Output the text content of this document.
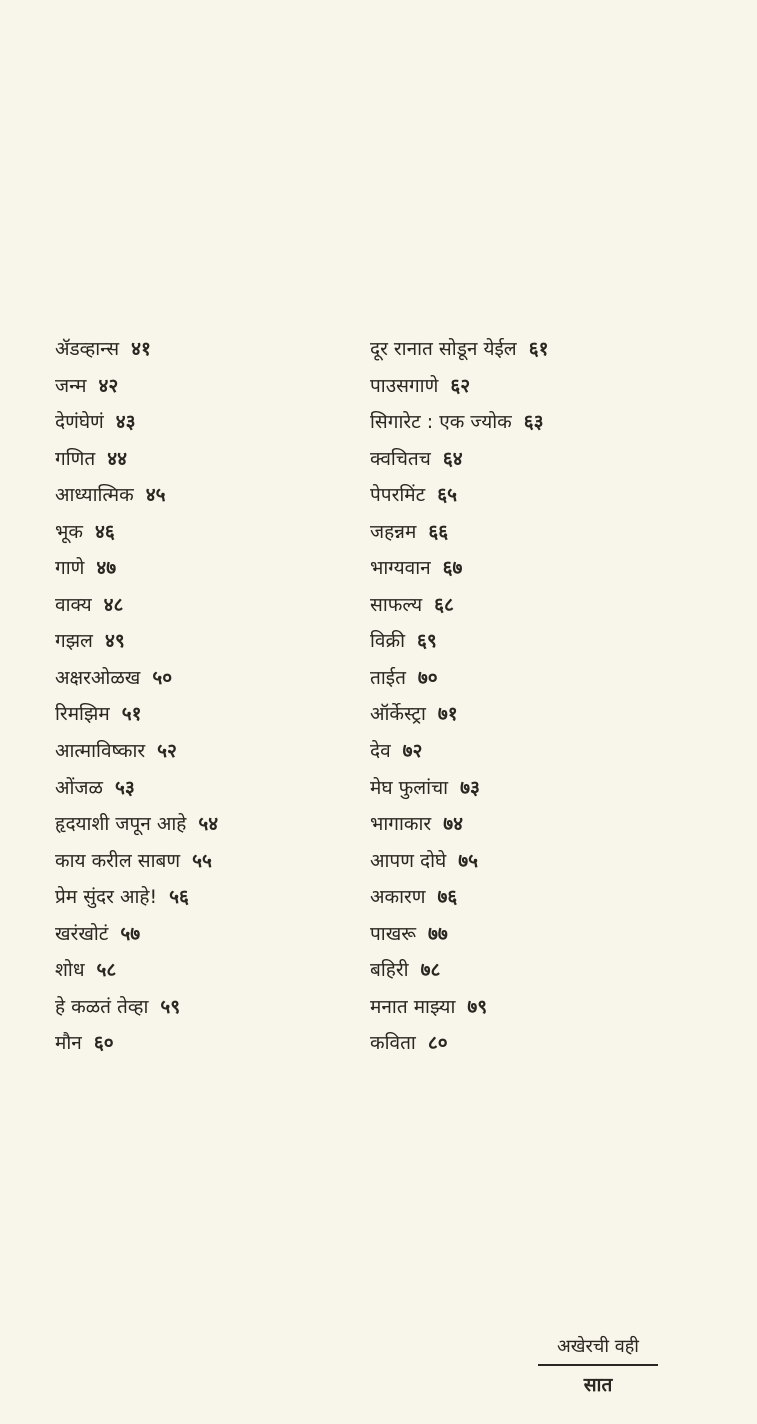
ॲडव्हान्स ४१
जन्म ४२
देणंघेणं ४३
गणित ४४
आध्यात्मिक ४५
भूक ४६
गाणे ४७
वाक्य ४८
गझल ४९
अक्षरओळख ५०
रिमझिम ५१
आत्माविष्कार ५२
ओंजळ ५३
हृदयाशी जपून आहे ५४
काय करील साबण ५५
प्रेम सुंदर आहे! ५६
खरंखोटं ५७
शोध ५८
हे कळतं तेव्हा ५९
मौन ६०
दूर रानात सोडून येईल ६१
पाउसगाणे ६२
सिगारेट : एक ज्योक ६३
क्वचितच ६४
पेपरमिंट ६५
जहन्नम ६६
भाग्यवान ६७
साफल्य ६८
विक्री ६९
ताईत ७०
ऑर्केस्ट्रा ७१
देव ७२
मेघ फुलांचा ७३
भागाकार ७४
आपण दोघे ७५
अकारण ७६
पाखरू ७७
बहिरी ७८
मनात माझ्या ७९
कविता ८०
अखेरची वही
सात
